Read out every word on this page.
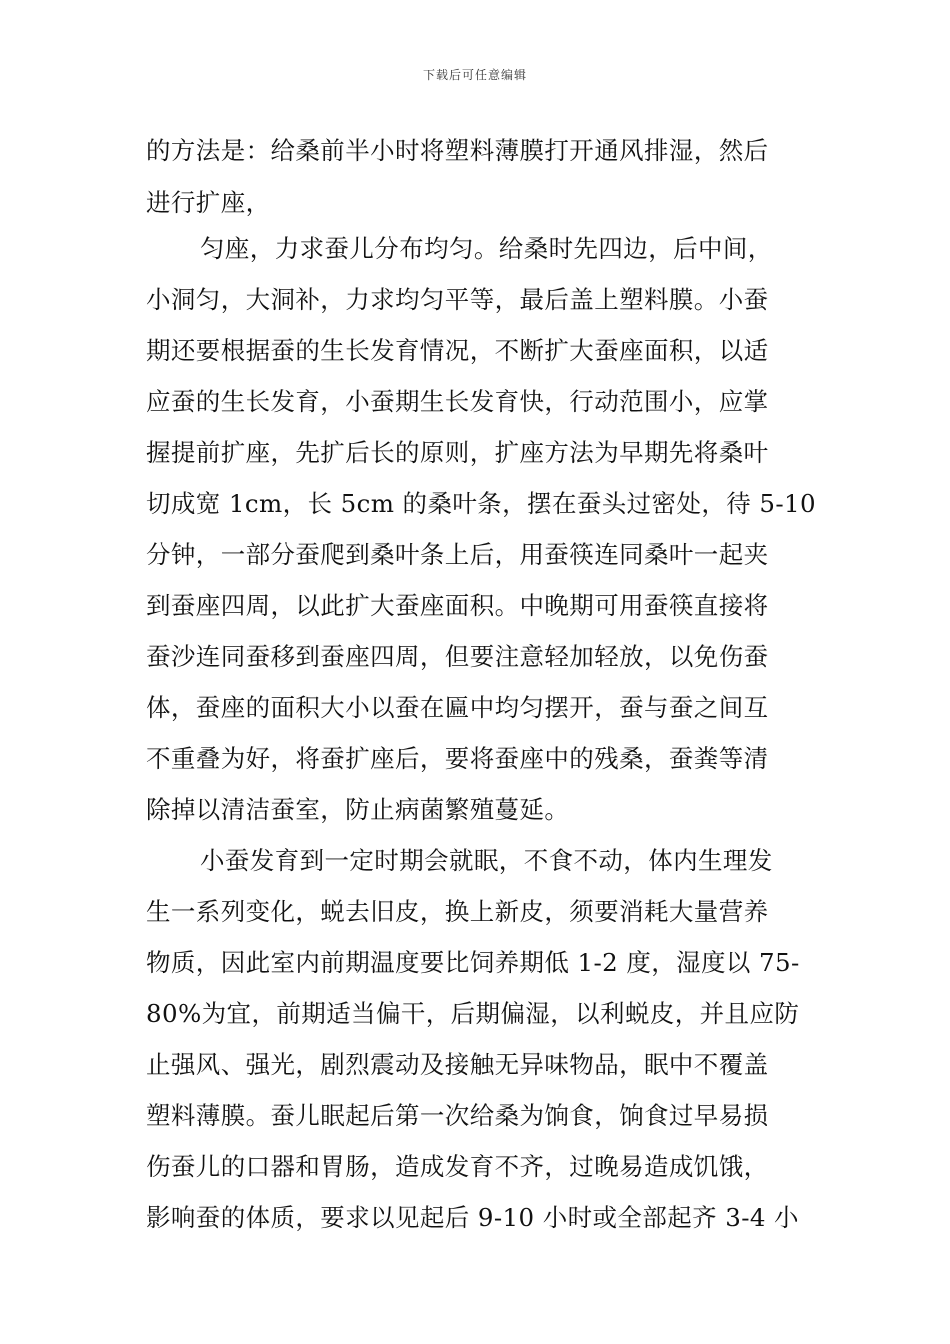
下载后可任意编辑
的方法是：给桑前半小时将塑料薄膜打开通风排湿，然后
进行扩座，
匀座，力求蚕儿分布均匀。给桑时先四边，后中间，
小洞匀，大洞补，力求均匀平等，最后盖上塑料膜。小蚕
期还要根据蚕的生长发育情况，不断扩大蚕座面积，以适
应蚕的生长发育，小蚕期生长发育快，行动范围小，应掌
握提前扩座，先扩后长的原则，扩座方法为早期先将桑叶
切成宽 1cm，长 5cm 的桑叶条，摆在蚕头过密处，待 5-10
分钟，一部分蚕爬到桑叶条上后，用蚕筷连同桑叶一起夹
到蚕座四周，以此扩大蚕座面积。中晚期可用蚕筷直接将
蚕沙连同蚕移到蚕座四周，但要注意轻加轻放，以免伤蚕
体，蚕座的面积大小以蚕在匾中均匀摆开，蚕与蚕之间互
不重叠为好，将蚕扩座后，要将蚕座中的残桑，蚕粪等清
除掉以清洁蚕室，防止病菌繁殖蔓延。
小蚕发育到一定时期会就眠，不食不动，体内生理发
生一系列变化，蜕去旧皮，换上新皮，须要消耗大量营养
物质，因此室内前期温度要比饲养期低 1-2 度，湿度以 75-
80%为宜，前期适当偏干，后期偏湿，以利蜕皮，并且应防
止强风、强光，剧烈震动及接触无异味物品，眠中不覆盖
塑料薄膜。蚕儿眠起后第一次给桑为饷食，饷食过早易损
伤蚕儿的口器和胃肠，造成发育不齐，过晚易造成饥饿，
影响蚕的体质，要求以见起后 9-10 小时或全部起齐 3-4 小
